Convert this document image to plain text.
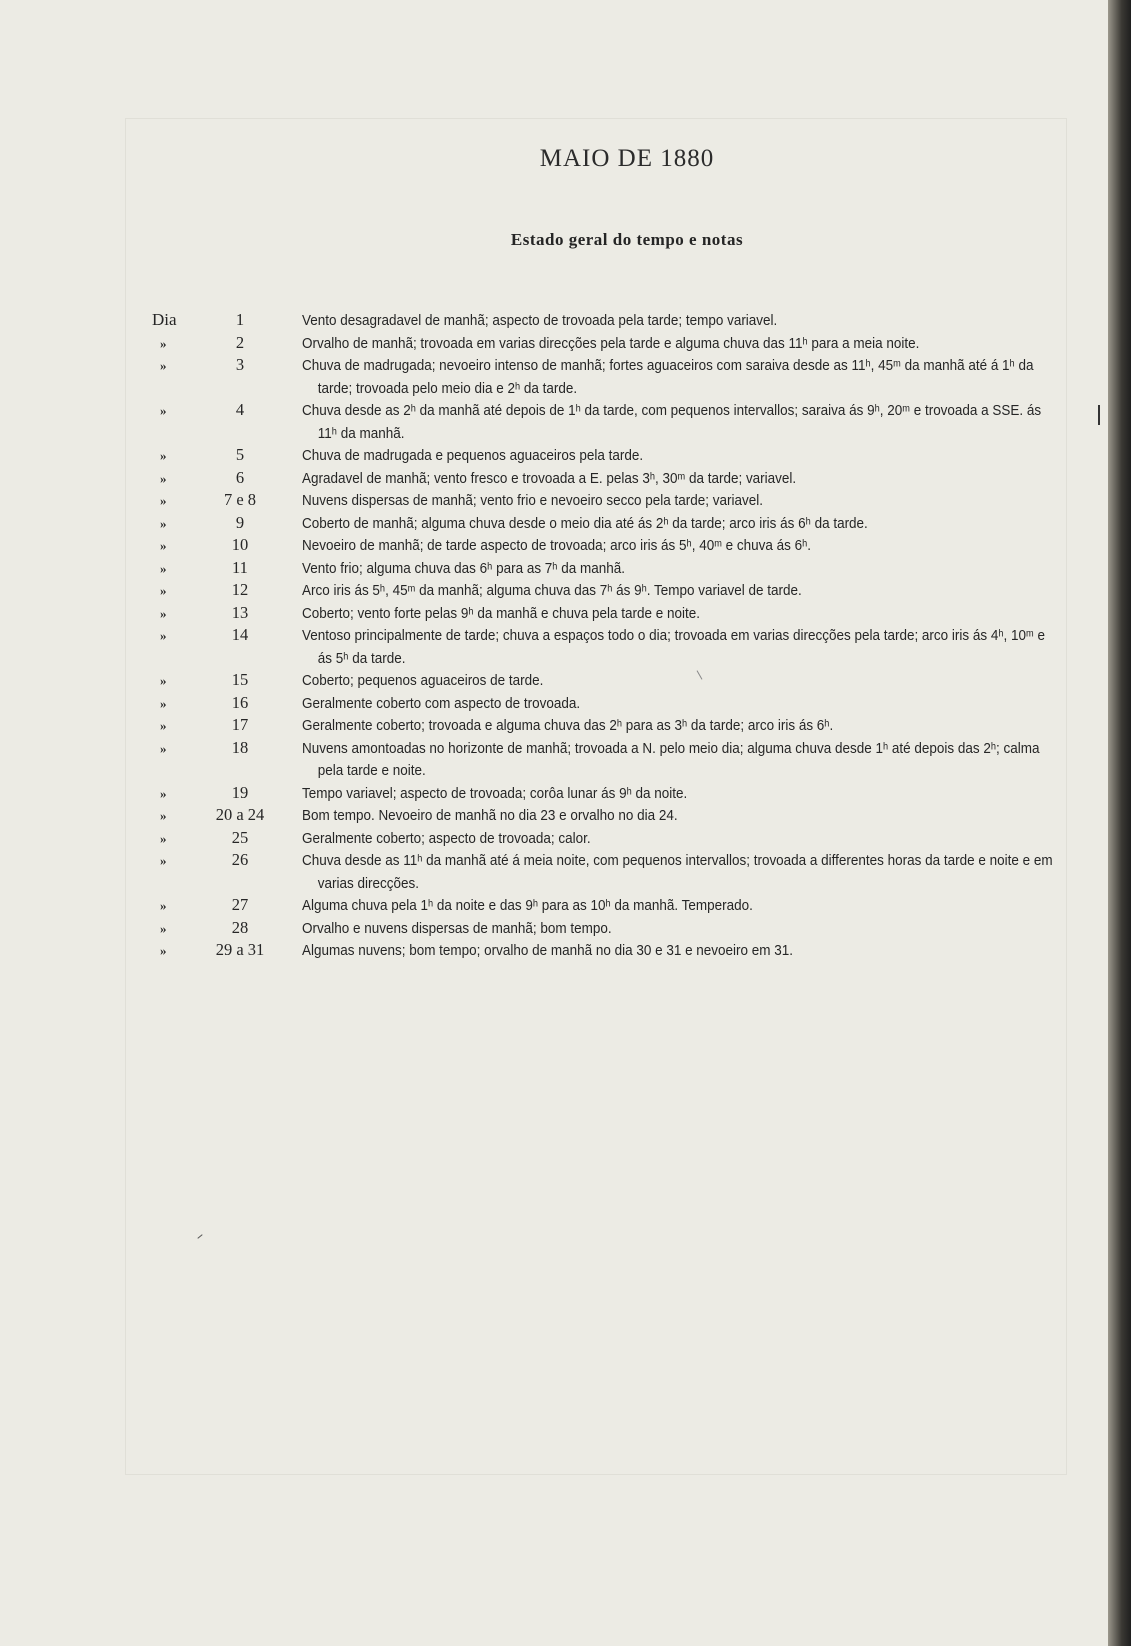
MAIO DE 1880
Estado geral do tempo e notas
Dia	1	Vento desagradavel de manhã; aspecto de trovoada pela tarde; tempo variavel.
»	2	Orvalho de manhã; trovoada em varias direcções pela tarde e alguma chuva das 11ʰ para a meia noite.
»	3	Chuva de madrugada; nevoeiro intenso de manhã; fortes aguaceiros com saraiva desde as 11ʰ, 45ᵐ da manhã até á 1ʰ da tarde; trovoada pelo meio dia e 2ʰ da tarde.
»	4	Chuva desde as 2ʰ da manhã até depois de 1ʰ da tarde, com pequenos intervallos; saraiva ás 9ʰ, 20ᵐ e trovoada a SSE. ás 11ʰ da manhã.
»	5	Chuva de madrugada e pequenos aguaceiros pela tarde.
»	6	Agradavel de manhã; vento fresco e trovoada a E. pelas 3ʰ, 30ᵐ da tarde; variavel.
»	7 e 8	Nuvens dispersas de manhã; vento frio e nevoeiro secco pela tarde; variavel.
»	9	Coberto de manhã; alguma chuva desde o meio dia até ás 2ʰ da tarde; arco iris ás 6ʰ da tarde.
»	10	Nevoeiro de manhã; de tarde aspecto de trovoada; arco iris ás 5ʰ, 40ᵐ e chuva ás 6ʰ.
»	11	Vento frio; alguma chuva das 6ʰ para as 7ʰ da manhã.
»	12	Arco iris ás 5ʰ, 45ᵐ da manhã; alguma chuva das 7ʰ ás 9ʰ. Tempo variavel de tarde.
»	13	Coberto; vento forte pelas 9ʰ da manhã e chuva pela tarde e noite.
»	14	Ventoso principalmente de tarde; chuva a espaços todo o dia; trovoada em varias direcções pela tarde; arco iris ás 4ʰ, 10ᵐ e ás 5ʰ da tarde.
»	15	Coberto; pequenos aguaceiros de tarde.
»	16	Geralmente coberto com aspecto de trovoada.
»	17	Geralmente coberto; trovoada e alguma chuva das 2ʰ para as 3ʰ da tarde; arco iris ás 6ʰ.
»	18	Nuvens amontoadas no horizonte de manhã; trovoada a N. pelo meio dia; alguma chuva desde 1ʰ até depois das 2ʰ; calma pela tarde e noite.
»	19	Tempo variavel; aspecto de trovoada; corôa lunar ás 9ʰ da noite.
»	20 a 24	Bom tempo. Nevoeiro de manhã no dia 23 e orvalho no dia 24.
»	25	Geralmente coberto; aspecto de trovoada; calor.
»	26	Chuva desde as 11ʰ da manhã até á meia noite, com pequenos intervallos; trovoada a differentes horas da tarde e noite e em varias direcções.
»	27	Alguma chuva pela 1ʰ da noite e das 9ʰ para as 10ʰ da manhã. Temperado.
»	28	Orvalho e nuvens dispersas de manhã; bom tempo.
»	29 a 31	Algumas nuvens; bom tempo; orvalho de manhã no dia 30 e 31 e nevoeiro em 31.
